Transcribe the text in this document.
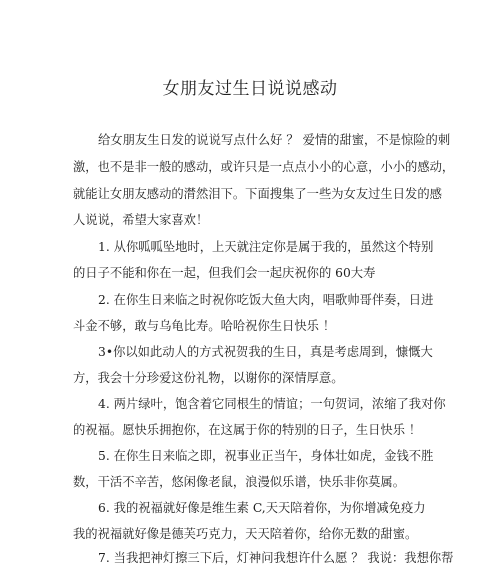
女朋友过生日说说感动
给女朋友生日发的说说写点什么好 ？ 爱情的甜蜜，不是惊险的刺
激，也不是非一般的感动，或许只是一点点小小的心意，小小的感动，
就能让女朋友感动的潸然泪下。下面搜集了一些为女友过生日发的感
人说说，希望大家喜欢！
1. 从你呱呱坠地时，上天就注定你是属于我的，虽然这个特别
的日子不能和你在一起，但我们会一起庆祝你的 60大寿
2. 在你生日来临之时祝你吃饭大鱼大肉，唱歌帅哥伴奏，日进
斗金不够，敢与乌龟比寿。哈哈祝你生日快乐 ！
3•你以如此动人的方式祝贺我的生日，真是考虑周到，慷慨大
方，我会十分珍爱这份礼物，以谢你的深情厚意。
4. 两片绿叶，饱含着它同根生的情谊；一句贺词，浓缩了我对你
的祝福。愿快乐拥抱你，在这属于你的特别的日子，生日快乐 ！
5. 在你生日来临之即，祝事业正当午，身体壮如虎，金钱不胜
数，干活不辛苦，悠闲像老鼠，浪漫似乐谱，快乐非你莫属。
6. 我的祝福就好像是维生素 C,天天陪着你，为你增减免疫力
我的祝福就好像是德芙巧克力，天天陪着你，给你无数的甜蜜。
7. 当我把神灯擦三下后，灯神问我想许什么愿 ？ 我说：我想你帮
